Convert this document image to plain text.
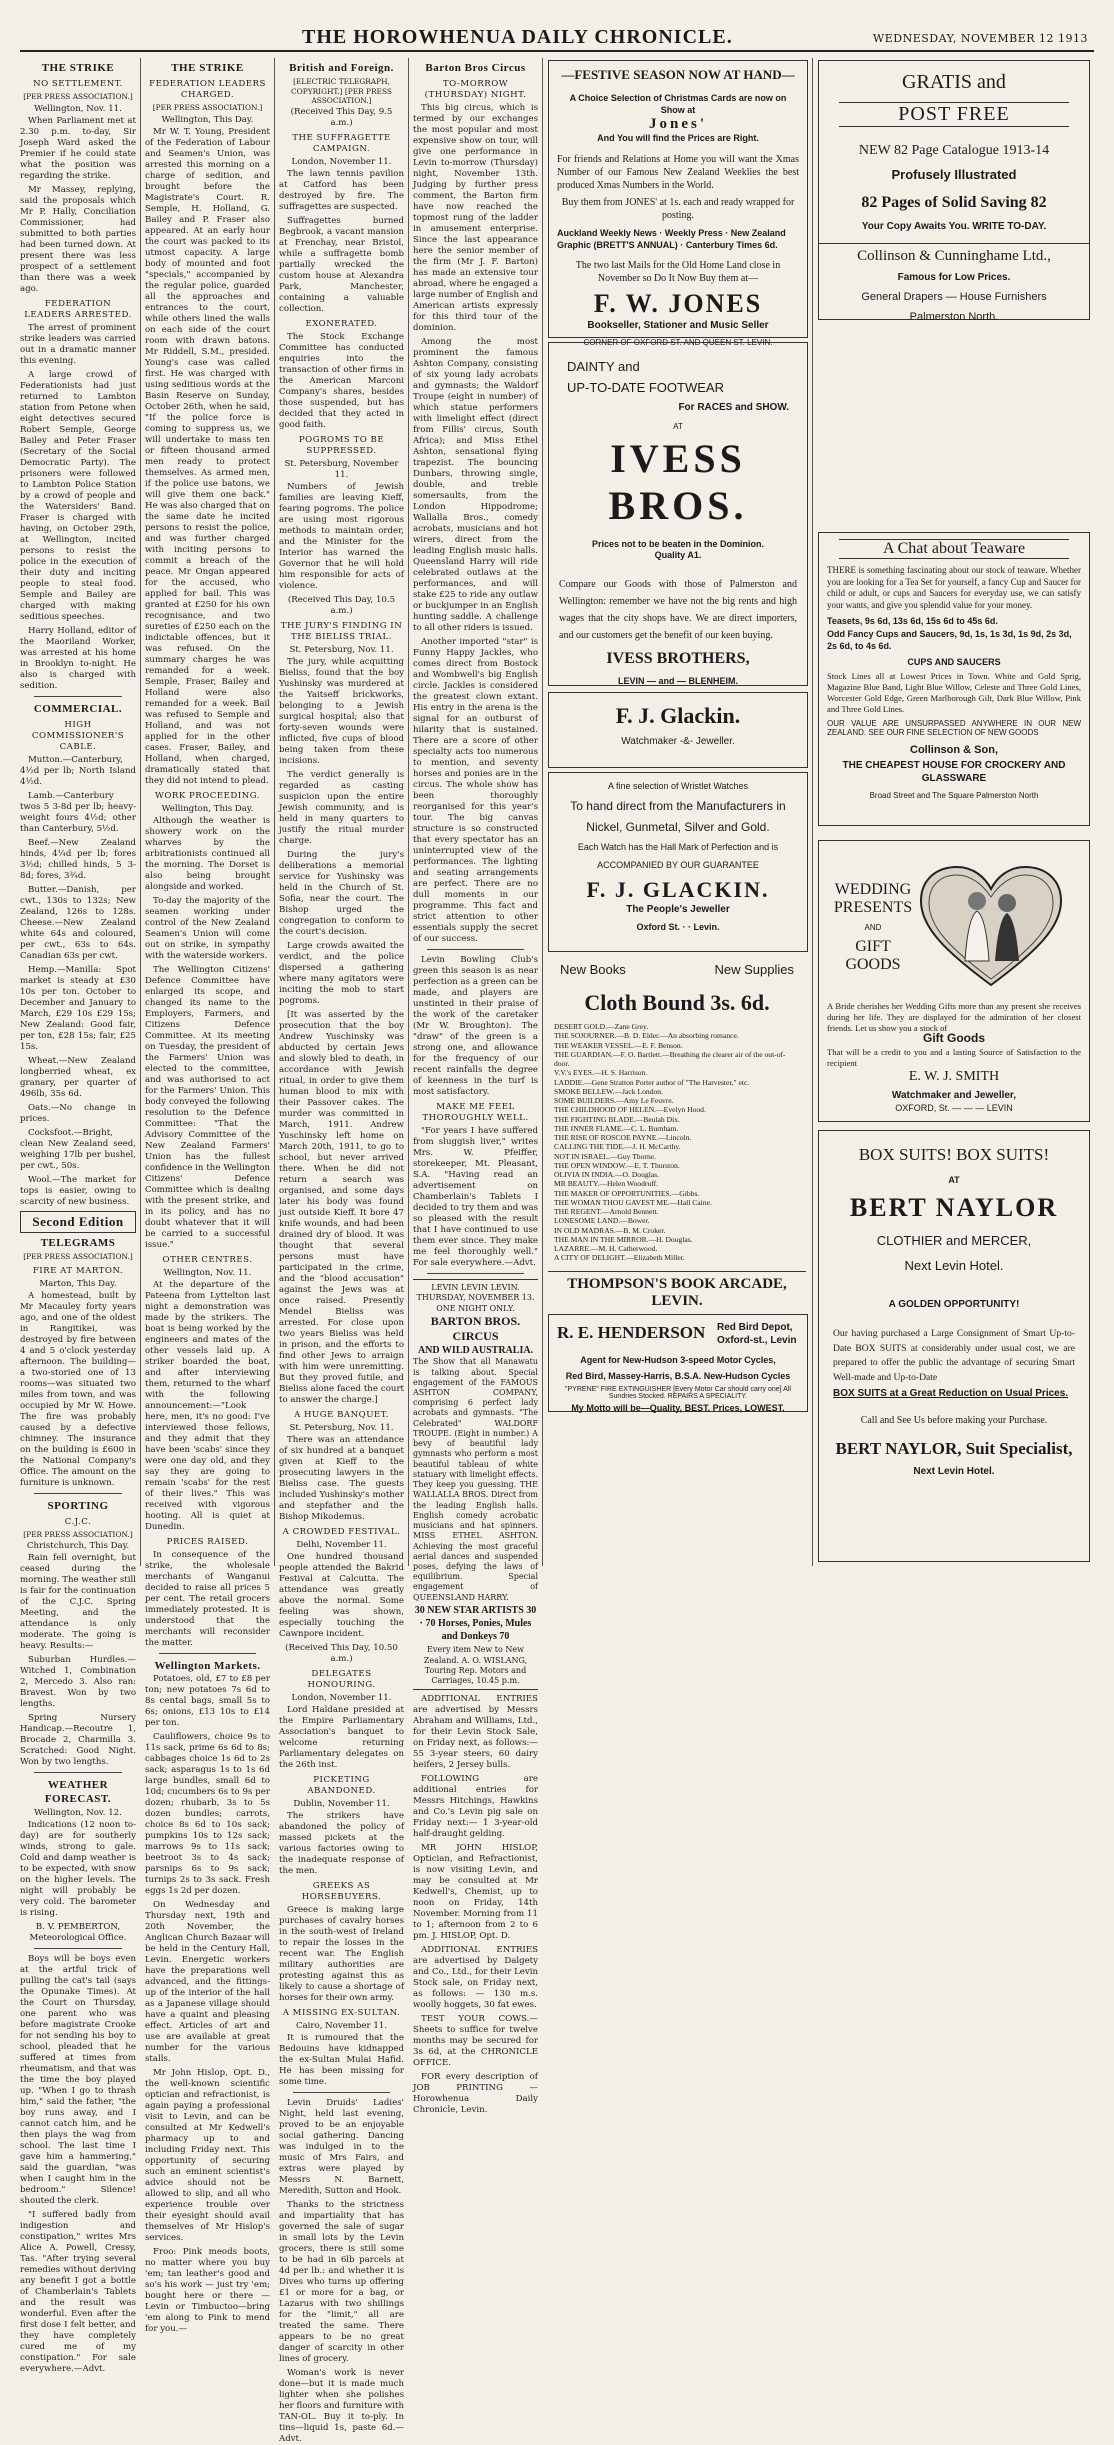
THE HOROWHENUA DAILY CHRONICLE.	WEDNESDAY, NOVEMBER 12 1913
THE STRIKE
NO SETTLEMENT.
[PER PRESS ASSOCIATION.]
Wellington, Nov. 11.

When Parliament met at 2.30 p.m. to-day, Sir Joseph Ward asked the Premier if he could state what the position was regarding the strike.

Mr Massey, replying, said the proposals which Mr P. Hally, Conciliation Commissioner, had submitted to both parties had been turned down. At present there was less prospect of a settlement than there was a week ago.

FEDERATION LEADERS ARRESTED.

The arrest of prominent strike leaders was carried out in a dramatic manner this evening.

A large crowd of Federationists had just returned to Lambton station from Petone when eight detectives secured Robert Semple, George Bailey and Peter Fraser (Secretary of the Social Democratic Party). The prisoners were followed to Lambton Police Station by a crowd of people and the Watersiders' Band. Fraser is charged with having, on October 29th, at Wellington, incited persons to resist the police in the execution of their duty and inciting people to steal food. Semple and Bailey are charged with making seditious speeches.

Harry Holland, editor of the Maoriland Worker, was arrested at his home in Brooklyn to-night. He also is charged with sedition.

COMMERCIAL.
HIGH COMMISSIONER'S CABLE.

Mutton.—Canterbury, 4½d per lb; North Island 4½d.

Lamb.—Canterbury twos 5 3-8d per lb; heavy-weight fours 4½d; other than Canterbury, 5½d.

Beef.—New Zealand hinds, 4¼d per lb; fores 3½d; chilled hinds, 5 3-8d; fores, 3¾d.

Butter.—Danish, per cwt., 130s to 132s; New Zealand, 126s to 128s. Cheese.—New Zealand white 64s and coloured, per cwt., 63s to 64s. Canadian 63s per cwt.

Hemp.—Manilla: Spot market is steady at £30 10s per ton. October to December and January to March, £29 10s £29 15s; New Zealand: Good fair, per ton, £28 15s; fair, £25 15s.

Wheat.—New Zealand longberried wheat, ex granary, per quarter of 496lb, 35s 6d.

Oats.—No change in prices.

Cocksfoot.—Bright, clean New Zealand seed, weighing 17lb per bushel, per cwt., 50s.

Wool.—The market for tops is easier, owing to scarcity of new business.

Second Edition
TELEGRAMS
[PER PRESS ASSOCIATION.]
FIRE AT MARTON.
Marton, This Day.

A homestead, built by Mr Macauley forty years ago, and one of the oldest in Rangitikei, was destroyed by fire between 4 and 5 o'clock yesterday afternoon. The building—a two-storied one of 13 rooms—was situated two miles from town, and was occupied by Mr W. Howe. The fire was probably caused by a defective chimney. The insurance on the building is £600 in the National Company's Office. The amount on the furniture is unknown.

SPORTING
C.J.C.
[PER PRESS ASSOCIATION.]
Christchurch, This Day.

Rain fell overnight, but ceased during the morning. The weather still is fair for the continuation of the C.J.C. Spring Meeting, and the attendance is only moderate. The going is heavy. Results:—

Suburban Hurdles.—Witched 1, Combination 2, Mercedo 3. Also ran: Bravest. Won by two lengths.

Spring Nursery Handicap.—Recoutre 1, Brocade 2, Charmilla 3. Scratched: Good Night. Won by two lengths.

WEATHER FORECAST.
Wellington, Nov. 12.

Indications (12 noon to-day) are for southerly winds, strong to gale. Cold and damp weather is to be expected, with snow on the higher levels. The night will probably be very cold. The barometer is rising.

B. V. PEMBERTON, Meteorological Office.

Boys will be boys even at the artful trick of pulling the cat's tail (says the Opunake Times). At the Court on Thursday, one parent who was before magistrate Crooke for not sending his boy to school, pleaded that he suffered at times from rheumatism, and that was the time the boy played up. "When I go to thrash him," said the father, "the boy runs away, and I cannot catch him, and he then plays the wag from school. The last time I gave him a hammering," said the guardian, "was when I caught him in the bedroom." Silence! shouted the clerk.

"I suffered badly from indigestion and constipation," writes Mrs Alice A. Powell, Cressy, Tas. "After trying several remedies without deriving any benefit I got a bottle of Chamberlain's Tablets and the result was wonderful. Even after the first dose I felt better, and they have completely cured me of my constipation." For sale everywhere.—Advt.

THE STRIKE
FEDERATION LEADERS CHARGED.
[PER PRESS ASSOCIATION.]
Wellington, This Day.

Mr W. T. Young, President of the Federation of Labour and Seamen's Union, was arrested this morning on a charge of sedition, and brought before the Magistrate's Court. R. Semple, H. Holland, G. Bailey and P. Fraser also appeared. At an early hour the court was packed to its utmost capacity. A large body of mounted and foot "specials," accompanied by the regular police, guarded all the approaches and entrances to the court, while others lined the walls on each side of the court room with drawn batons. Mr Riddell, S.M., presided. Young's case was called first. He was charged with using seditious words at the Basin Reserve on Sunday, October 26th, when he said, "If the police force is coming to suppress us, we will undertake to mass ten or fifteen thousand armed men ready to protect themselves. As armed men, if the police use batons, we will give them one back." He was also charged that on the same date he incited persons to resist the police, and was further charged with inciting persons to commit a breach of the peace. Mr Ongan appeared for the accused, who applied for bail. This was granted at £250 for his own recognisance, and two sureties of £250 each on the indictable offences, but it was refused. On the summary charges he was remanded for a week. Semple, Fraser, Bailey and Holland were also remanded for a week. Bail was refused to Semple and Holland, and was not applied for in the other cases. Fraser, Bailey, and Holland, when charged, dramatically stated that they did not intend to plead.

WORK PROCEEDING.
Wellington, This Day.

Although the weather is showery work on the wharves by the arbitrationists continued all the morning. The Dorset is also being brought alongside and worked.

To-day the majority of the seamen working under control of the New Zealand Seamen's Union will come out on strike, in sympathy with the waterside workers.

The Wellington Citizens' Defence Committee have enlarged its scope, and changed its name to the Employers, Farmers, and Citizens Defence Committee. At its meeting on Tuesday, the president of the Farmers' Union was elected to the committee, and was authorised to act for the Farmers' Union. This body conveyed the following resolution to the Defence Committee: "That the Advisory Committee of the New Zealand Farmers' Union has the fullest confidence in the Wellington Citizens' Defence Committee which is dealing with the present strike, and in its policy, and has no doubt whatever that it will be carried to a successful issue."

OTHER CENTRES.
Wellington, Nov. 11.

At the departure of the Pateena from Lyttelton last night a demonstration was made by the strikers. The boat is being worked by the engineers and mates of the other vessels laid up. A striker boarded the boat, and after interviewing them, returned to the wharf with the following announcement:—"Look here, men, it's no good: I've interviewed those fellows, and they admit that they have been 'scabs' since they were one day old, and they say they are going to remain 'scabs' for the rest of their lives." This was received with vigorous hooting. All is quiet at Dunedin.

PRICES RAISED.

In consequence of the strike, the wholesale merchants of Wanganui decided to raise all prices 5 per cent. The retail grocers immediately protested. It is understood that the merchants will reconsider the matter.

Wellington Markets.

Potatoes, old, £7 to £8 per ton; new potatoes 7s 6d to 8s cental bags, small 5s to 6s; onions, £13 10s to £14 per ton.

Cauliflowers, choice 9s to 11s sack, prime 6s 6d to 8s; cabbages choice 1s 6d to 2s sack; asparagus 1s to 1s 6d large bundles, small 6d to 10d; cucumbers 6s to 9s per dozen; rhubarb, 3s to 5s dozen bundles; carrots, choice 8s 6d to 10s sack; pumpkins 10s to 12s sack; marrows 9s to 11s sack; beetroot 3s to 4s sack; parsnips 6s to 9s sack; turnips 2s to 3s sack. Fresh eggs 1s 2d per dozen.

On Wednesday and Thursday next, 19th and 20th November, the Anglican Church Bazaar will be held in the Century Hall, Levin. Energetic workers have the preparations well advanced, and the fittings-up of the interior of the hall as a Japanese village should have a quaint and pleasing effect. Articles of art and use are available at great number for the various stalls.

Mr John Hislop, Opt. D., the well-known scientific optician and refractionist, is again paying a professional visit to Levin, and can be consulted at Mr Kedwell's pharmacy up to and including Friday next. This opportunity of securing such an eminent scientist's advice should not be allowed to slip, and all who experience trouble over their eyesight should avail themselves of Mr Hislop's services.

Froo: Pink meods boots, no matter where you buy 'em; tan leather's good and so's his work — just try 'em; bought here or there —Levin or Timbuctoo—bring 'em along to Pink to mend for you.—

British and Foreign.
[ELECTRIC TELEGRAPH, COPYRIGHT.] [PER PRESS ASSOCIATION.]
(Received This Day, 9.5 a.m.)
THE SUFFRAGETTE CAMPAIGN.
London, November 11.

The lawn tennis pavilion at Catford has been destroyed by fire. The suffragettes are suspected.

Suffragettes burned Begbrook, a vacant mansion at Frenchay, near Bristol, while a suffragette bomb partially wrecked the custom house at Alexandra Park, Manchester, containing a valuable collection.

EXONERATED.

The Stock Exchange Committee has conducted enquiries into the transaction of other firms in the American Marconi Company's shares, besides those suspended, but has decided that they acted in good faith.

POGROMS TO BE SUPPRESSED.
St. Petersburg, November 11.

Numbers of Jewish families are leaving Kieff, fearing pogroms. The police are using most rigorous methods to maintain order, and the Minister for the Interior has warned the Governor that he will hold him responsible for acts of violence.

(Received This Day, 10.5 a.m.)
THE JURY'S FINDING IN THE BIELISS TRIAL.
St. Petersburg, Nov. 11.

The jury, while acquitting Bieliss, found that the boy Yushinsky was murdered at the Yaitseff brickworks, belonging to a Jewish surgical hospital; also that forty-seven wounds were inflicted, five cups of blood being taken from these incisions.

The verdict generally is regarded as casting suspicion upon the entire Jewish community, and is held in many quarters to justify the ritual murder charge.

During the jury's deliberations a memorial service for Yushinsky was held in the Church of St. Sofia, near the court. The Bishop urged the congregation to conform to the court's decision.

Large crowds awaited the verdict, and the police dispersed a gathering where many agitators were inciting the mob to start pogroms.

[It was asserted by the prosecution that the boy Andrew Yuschinsky was abducted by certain Jews and slowly bled to death, in accordance with Jewish ritual, in order to give them human blood to mix with their Passover cakes. The murder was committed in March, 1911. Andrew Yuschinsky left home on March 20th, 1911, to go to school, but never arrived there. When he did not return a search was organised, and some days later his body was found just outside Kieff. It bore 47 knife wounds, and had been drained dry of blood. It was thought that several persons must have participated in the crime, and the "blood accusation" against the Jews was at once raised. Presently Mendel Bieliss was arrested. For close upon two years Bieliss was held in prison, and the efforts to find other Jews to arraign with him were unremitting. But they proved futile, and Bieliss alone faced the court to answer the charge.]

A HUGE BANQUET.
St. Petersburg, Nov. 11.

There was an attendance of six hundred at a banquet given at Kieff to the prosecuting lawyers in the Bieliss case. The guests included Yushinsky's mother and stepfather and the Bishop Mikodemus.

A CROWDED FESTIVAL.
Delhi, November 11.

One hundred thousand people attended the Bakrid Festival at Calcutta. The attendance was greatly above the normal. Some feeling was shown, especially touching the Cawnpore incident.

(Received This Day, 10.50 a.m.)
DELEGATES HONOURING.
London, November 11.

Lord Haldane presided at the Empire Parliamentary Association's banquet to welcome returning Parliamentary delegates on the 26th inst.

PICKETING ABANDONED.
Dublin, November 11.

The strikers have abandoned the policy of massed pickets at the various factories owing to the inadequate response of the men.

GREEKS AS HORSEBUYERS.

Greece is making large purchases of cavalry horses in the south-west of Ireland to repair the losses in the recent war. The English military authorities are protesting against this as likely to cause a shortage of horses for their own army.

A MISSING EX-SULTAN.
Cairo, November 11.

It is rumoured that the Bedouins have kidnapped the ex-Sultan Mulai Hafid. He has been missing for some time.

Levin Druids' Ladies' Night, held last evening, proved to be an enjoyable social gathering. Dancing was indulged in to the music of Mrs Fairs, and extras were played by Messrs N. Barnett, Meredith, Sutton and Hook.

Thanks to the strictness and impartiality that has governed the sale of sugar in small lots by the Levin grocers, there is still some to be had in 6lb parcels at 4d per lb.: and whether it is Dives who turns up offering £1 or more for a bag, or Lazarus with two shillings for the "limit," all are treated the same. There appears to be no great danger of scarcity in other lines of grocery.

Woman's work is never done—but it is made much lighter when she polishes her floors and furniture with TAN-OL. Buy it to-ply. In tins—liquid 1s, paste 6d.—Advt.

Barton Bros Circus
TO-MORROW (THURSDAY) NIGHT.

This big circus, which is termed by our exchanges the most popular and most expensive show on tour, will give one performance in Levin to-morrow (Thursday) night, November 13th. Judging by further press comment, the Barton firm have now reached the topmost rung of the ladder in amusement enterprise. Since the last appearance here the senior member of the firm (Mr J. F. Barton) has made an extensive tour abroad, where he engaged a large number of English and American artists expressly for this third tour of the dominion.

Among the most prominent the famous Ashton Company, consisting of six young lady acrobats and gymnasts; the Waldorf Troupe (eight in number) of which statue performers with limelight effect (direct from Fillis' circus, South Africa); and Miss Ethel Ashton, sensational flying trapezist. The bouncing Dunbars, throwing single, double, and treble somersaults, from the London Hippodrome; Wallalla Bros., comedy acrobats, musicians and hot wirers, direct from the leading English music halls. Queensland Harry will ride celebrated outlaws at the performances, and will stake £25 to ride any outlaw or buckjumper in an English hunting saddle. A challenge to all other riders is issued.

Another imported "star" is Funny Happy Jackles, who comes direct from Bostock and Wombwell's big English circle. Jackles is considered the greatest clown extant. His entry in the arena is the signal for an outburst of hilarity that is sustained. There are a score of other specialty acts too numerous to mention, and seventy horses and ponies are in the circus. The whole show has been thoroughly reorganised for this year's tour. The big canvas structure is so constructed that every spectator has an uninterrupted view of the performances. The lighting and seating arrangements are perfect. There are no dull moments in our programme. This fact and strict attention to other essentials supply the secret of our success.

Levin Bowling Club's green this season is as near perfection as a green can be made, and players are unstinted in their praise of the work of the caretaker (Mr W. Broughton). The "draw" of the green is a strong one, and allowance for the frequency of our recent rainfalls the degree of keenness in the turf is most satisfactory.

MAKE ME FEEL THOROUGHLY WELL.

"For years I have suffered from sluggish liver," writes Mrs. W. Pfeiffer, storekeeper, Mt. Pleasant, S.A. "Having read an advertisement on Chamberlain's Tablets I decided to try them and was so pleased with the result that I have continued to use them ever since. They make me feel thoroughly well." For sale everywhere.—Advt.

LEVIN LEVIN LEVIN. THURSDAY, NOVEMBER 13. ONE NIGHT ONLY.
BARTON BROS. CIRCUS
AND WILD AUSTRALIA.
The Show that all Manawatu is talking about. Special engagement of the FAMOUS ASHTON COMPANY, comprising 6 perfect lady acrobats and gymnasts. "The Celebrated" WALDORF TROUPE. (Eight in number.) A bevy of beautiful lady gymnasts who perform a most beautiful tableau of white statuary with limelight effects. They keep you guessing. THE WALLALLA BROS. Direct from the leading English halls. English comedy acrobatic musicians and hat spinners. MISS ETHEL ASHTON. Achieving the most graceful aerial dances and suspended poses, defying the laws of equilibrium. Special engagement of QUEENSLAND HARRY.
30 NEW STAR ARTISTS 30 · 70 Horses, Ponies, Mules and Donkeys 70
Every item New to New Zealand. A. O. WISLANG, Touring Rep. Motors and Carriages, 10.45 p.m.

ADDITIONAL ENTRIES are advertised by Messrs Abraham and Williams, Ltd., for their Levin Stock Sale, on Friday next, as follows:— 55 3-year steers, 60 dairy heifers, 2 Jersey bulls.

FOLLOWING are additional entries for Messrs Hitchings, Hawkins and Co.'s Levin pig sale on Friday next:— 1 3-year-old half-draught gelding.

MR JOHN HISLOP, Optician, and Refractionist, is now visiting Levin, and may be consulted at Mr Kedwell's, Chemist, up to noon on Friday, 14th November. Morning from 11 to 1; afternoon from 2 to 6 pm. J. HISLOP, Opt. D.

ADDITIONAL ENTRIES are advertised by Dalgety and Co., Ltd., for their Levin Stock sale, on Friday next, as follows: — 130 m.s. woolly hoggets, 30 fat ewes.

TEST YOUR COWS.—Sheets to suffice for twelve months may be secured for 3s 6d, at the CHRONICLE OFFICE.

FOR every description of JOB PRINTING — Horowhenua Daily Chronicle, Levin.

—FESTIVE SEASON NOW AT HAND—
A Choice Selection of Christmas Cards are now on Show at
Jones'
And You will find the Prices are Right.
For friends and Relations at Home you will want the Xmas Number of our Famous New Zealand Weeklies the best produced Xmas Numbers in the World.
Buy them from JONES' at 1s. each and ready wrapped for posting.
Auckland Weekly News · Weekly Press · New Zealand Graphic (BRETT'S ANNUAL) · Canterbury Times 6d.
The two last Mails for the Old Home Land close in November so Do It Now Buy them at—
F. W. JONES
Bookseller, Stationer and Music Seller
CORNER OF OXFORD ST. AND QUEEN ST. LEVIN.
DAINTY and
UP-TO-DATE FOOTWEAR
For RACES and SHOW.
AT
IVESS BROS.
Prices not to be beaten in the Dominion.
Quality A1.
Compare our Goods with those of Palmerston and Wellington: remember we have not the big rents and high wages that the city shops have. We are direct importers, and our customers get the benefit of our keen buying.
IVESS BROTHERS,
LEVIN — and — BLENHEIM.
F. J. Glackin.
Watchmaker -&- Jeweller.
A fine selection of Wristlet Watches
To hand direct from the Manufacturers in
Nickel, Gunmetal, Silver and Gold.
Each Watch has the Hall Mark of Perfection and is
ACCOMPANIED BY OUR GUARANTEE
F. J. GLACKIN.
The People's Jeweller
Oxford St. · · Levin.
New Books	New Supplies
Cloth Bound 3s. 6d.
DESERT GOLD.—Zane Grey.
THE SOJOURNER.—B. D. Elder.—An absorbing romance.
THE WEAKER VESSEL.—E. F. Benson.
THE GUARDIAN.—F. O. Bartlett.—Breathing the clearer air of the out-of-door.
V.V.'s EYES.—H. S. Harrison.
LADDIE.—Gene Stratton Porter author of "The Harvester," etc.
SMOKE BELLEW.—Jack London.
SOME BUILDERS.—Amy Le Feuvre.
THE CHILDHOOD OF HELEN.—Evelyn Hood.
THE FIGHTING BLADE.—Beulah Dix.
THE INNER FLAME.—C. L. Burnham.
THE RISE OF ROSCOE PAYNE.—Lincoln.
CALLING THE TIDE.—J. H. McCarthy.
NOT IN ISRAEL.—Guy Thorne.
THE OPEN WINDOW.—E. T. Thurston.
OLIVIA IN INDIA.—O. Douglas.
MR BEAUTY.—Helen Woodruff.
THE MAKER OF OPPORTUNITIES.—Gibbs.
THE WOMAN THOU GAVEST ME.—Hall Caine.
THE REGENT.—Arnold Bennett.
LONESOME LAND.—Bower.
IN OLD MADRAS.—B. M. Croker.
THE MAN IN THE MIRROR.—H. Douglas.
LAZARRE.—M. H. Catherwood.
A CITY OF DELIGHT.—Elizabeth Miller.
THOMPSON'S BOOK ARCADE, LEVIN.
R. E. HENDERSON Red Bird Depot, Oxford-st., Levin
Agent for New-Hudson 3-speed Motor Cycles,
Red Bird, Massey-Harris, B.S.A. New-Hudson Cycles
"PYRENE" FIRE EXTINGUISHER [Every Motor Car should carry one] All Sundries Stocked. REPAIRS A SPECIALITY.
My Motto will be—Quality, BEST. Prices, LOWEST.
GRATIS and
POST FREE
NEW 82 Page Catalogue 1913-14
Profusely Illustrated
82 Pages of Solid Saving 82
Your Copy Awaits You. WRITE TO-DAY.
Collinson & Cunninghame Ltd.,
Famous for Low Prices.
General Drapers — House Furnishers
Palmerston North.
A Chat about Teaware
THERE is something fascinating about our stock of teaware. Whether you are looking for a Tea Set for yourself, a fancy Cup and Saucer for child or adult, or cups and Saucers for everyday use, we can satisfy your wants, and give you splendid value for your money.
Teasets, 9s 6d, 13s 6d, 15s 6d to 45s 6d.
Odd Fancy Cups and Saucers, 9d, 1s, 1s 3d, 1s 9d, 2s 3d, 2s 6d, to 4s 6d.
CUPS AND SAUCERS
Stock Lines all at Lowest Prices in Town. White and Gold Sprig, Magazine Blue Band, Light Blue Willow, Celeste and Three Gold Lines, Worcester Gold Edge, Green Marlborough Gilt, Dark Blue Willow, Pink and Three Gold Lines.
OUR VALUE ARE UNSURPASSED ANYWHERE IN OUR NEW ZEALAND. SEE OUR FINE SELECTION OF NEW GOODS
Collinson & Son,
THE CHEAPEST HOUSE FOR CROCKERY AND GLASSWARE
Broad Street and The Square Palmerston North
WEDDING
PRESENTS
AND
GIFT
GOODS
A Bride cherishes her Wedding Gifts more than any present she receives during her life. They are displayed for the admiration of her closest friends. Let us show you a stock of
Gift Goods
That will be a credit to you and a lasting Source of Satisfaction to the recipient
E. W. J. SMITH
Watchmaker and Jeweller,
OXFORD, St. — — — LEVIN
BOX SUITS! BOX SUITS!
AT
BERT NAYLOR
CLOTHIER and MERCER,
Next Levin Hotel.
A GOLDEN OPPORTUNITY!
Our having purchased a Large Consignment of Smart Up-to-Date BOX SUITS at considerably under usual cost, we are prepared to offer the public the advantage of securing Smart Well-made and Up-to-Date
BOX SUITS at a Great Reduction on Usual Prices.
Call and See Us before making your Purchase.
BERT NAYLOR, Suit Specialist,
Next Levin Hotel.
